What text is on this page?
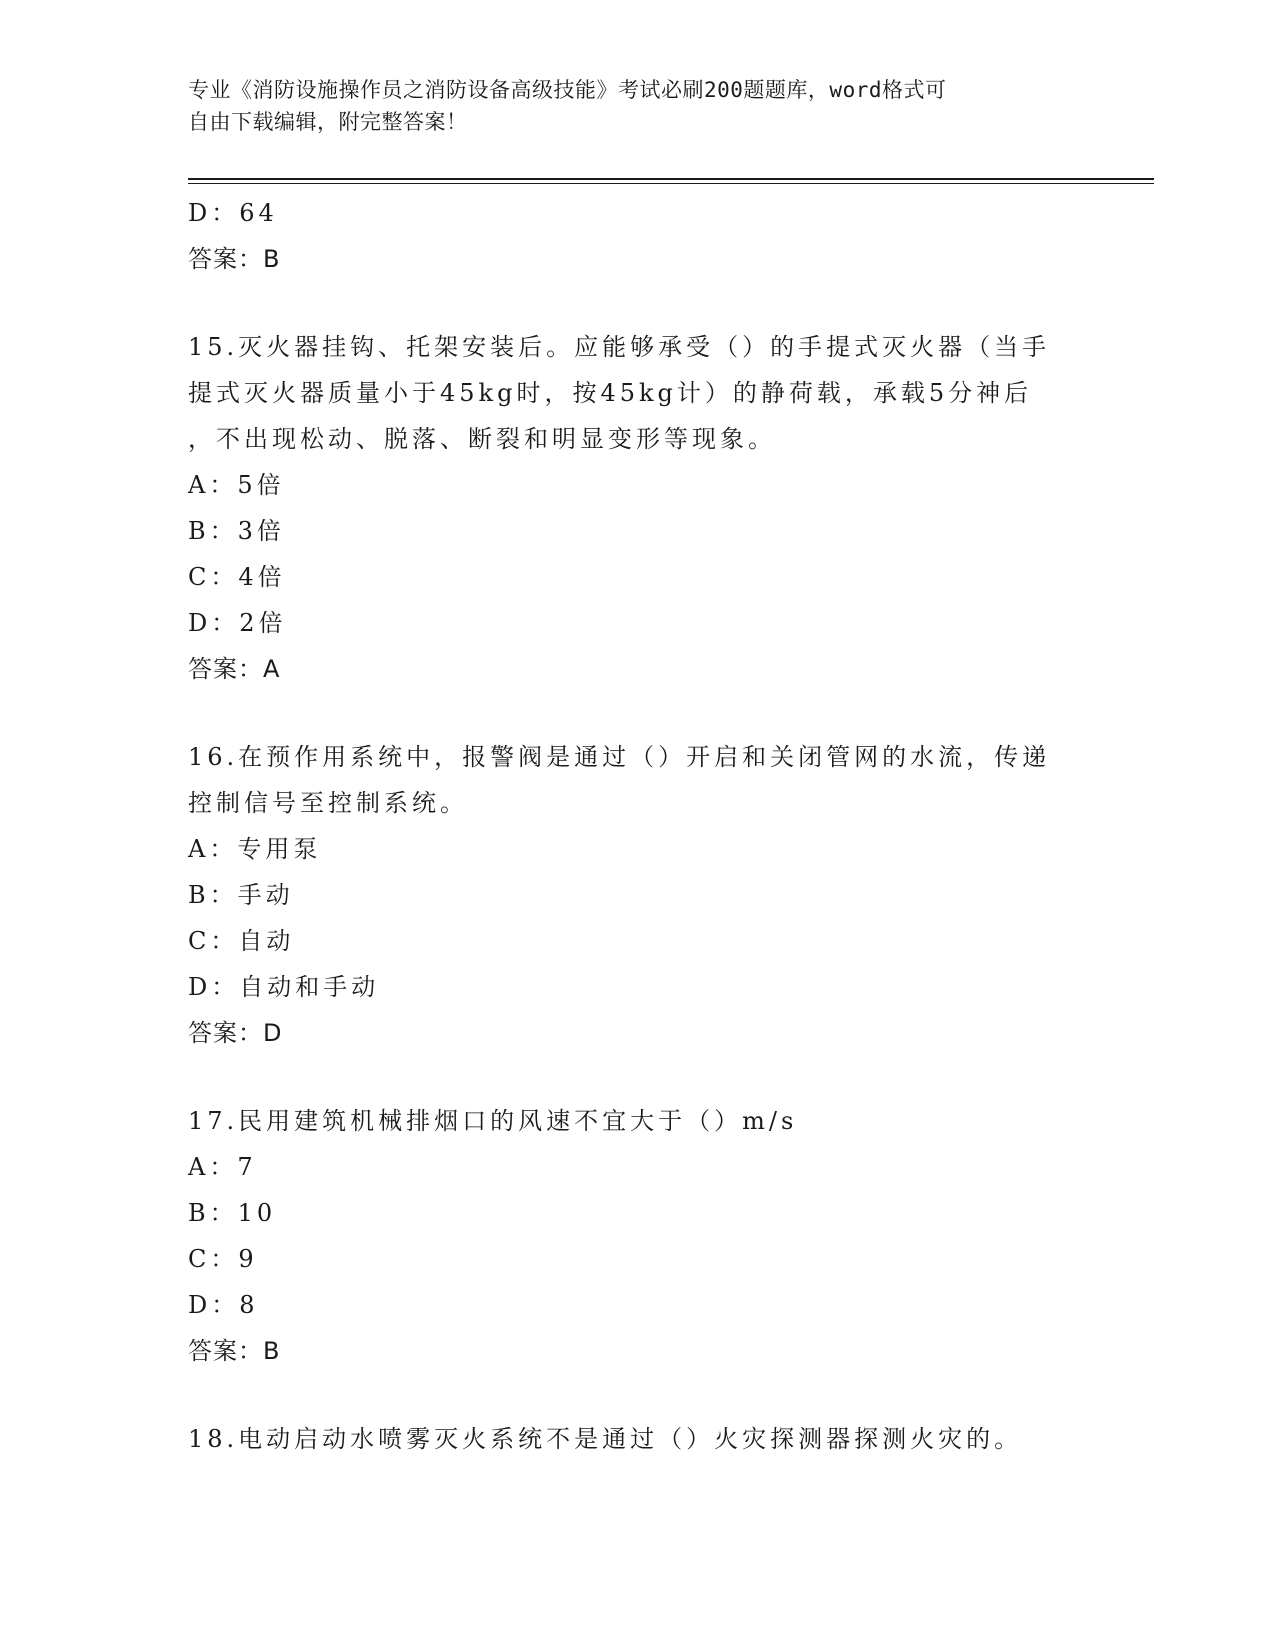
专业《消防设施操作员之消防设备高级技能》考试必刷200题题库，word格式可
自由下载编辑，附完整答案！
D：64
答案：B
15.灭火器挂钩、托架安装后。应能够承受（）的手提式灭火器（当手
提式灭火器质量小于45kg时，按45kg计）的静荷载，承载5分神后
，不出现松动、脱落、断裂和明显变形等现象。
A：5倍
B：3倍
C：4倍
D：2倍
答案：A
16.在预作用系统中，报警阀是通过（）开启和关闭管网的水流，传递
控制信号至控制系统。
A：专用泵
B：手动
C：自动
D：自动和手动
答案：D
17.民用建筑机械排烟口的风速不宜大于（）m/s
A：7
B：10
C：9
D：8
答案：B
18.电动启动水喷雾灭火系统不是通过（）火灾探测器探测火灾的。
